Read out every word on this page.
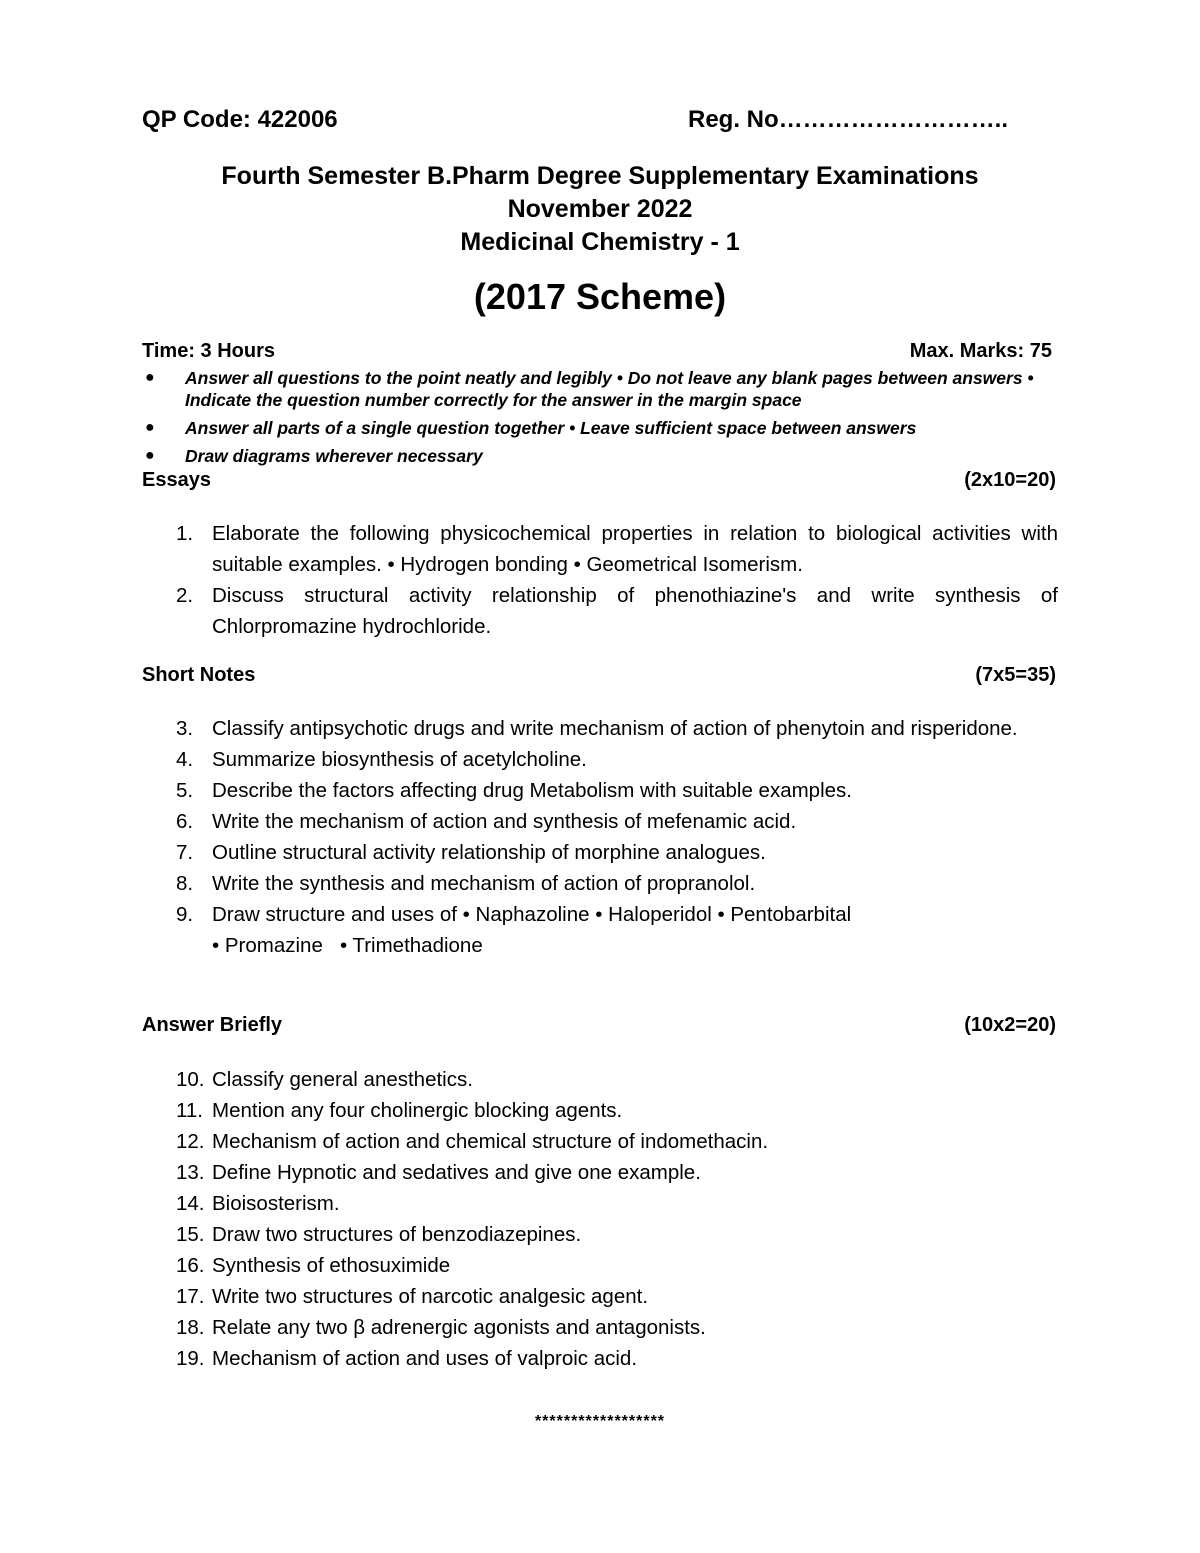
QP Code: 422006	Reg. No………………………..
Fourth Semester B.Pharm Degree Supplementary Examinations
November 2022
Medicinal Chemistry - 1
(2017 Scheme)
Time: 3 Hours	Max. Marks: 75
● Answer all questions to the point neatly and legibly • Do not leave any blank pages between answers • Indicate the question number correctly for the answer in the margin space
● Answer all parts of a single question together • Leave sufficient space between answers
● Draw diagrams wherever necessary
Essays	(2x10=20)
1. Elaborate the following physicochemical properties in relation to biological activities with suitable examples. • Hydrogen bonding • Geometrical Isomerism.
2. Discuss structural activity relationship of phenothiazine's and write synthesis of Chlorpromazine hydrochloride.
Short Notes	(7x5=35)
3. Classify antipsychotic drugs and write mechanism of action of phenytoin and risperidone.
4. Summarize biosynthesis of acetylcholine.
5. Describe the factors affecting drug Metabolism with suitable examples.
6. Write the mechanism of action and synthesis of mefenamic acid.
7. Outline structural activity relationship of morphine analogues.
8. Write the synthesis and mechanism of action of propranolol.
9. Draw structure and uses of • Naphazoline • Haloperidol • Pentobarbital
• Promazine   • Trimethadione
Answer Briefly	(10x2=20)
10. Classify general anesthetics.
11. Mention any four cholinergic blocking agents.
12. Mechanism of action and chemical structure of indomethacin.
13. Define Hypnotic and sedatives and give one example.
14. Bioisosterism.
15. Draw two structures of benzodiazepines.
16. Synthesis of ethosuximide
17. Write two structures of narcotic analgesic agent.
18. Relate any two β adrenergic agonists and antagonists.
19. Mechanism of action and uses of valproic acid.
******************
